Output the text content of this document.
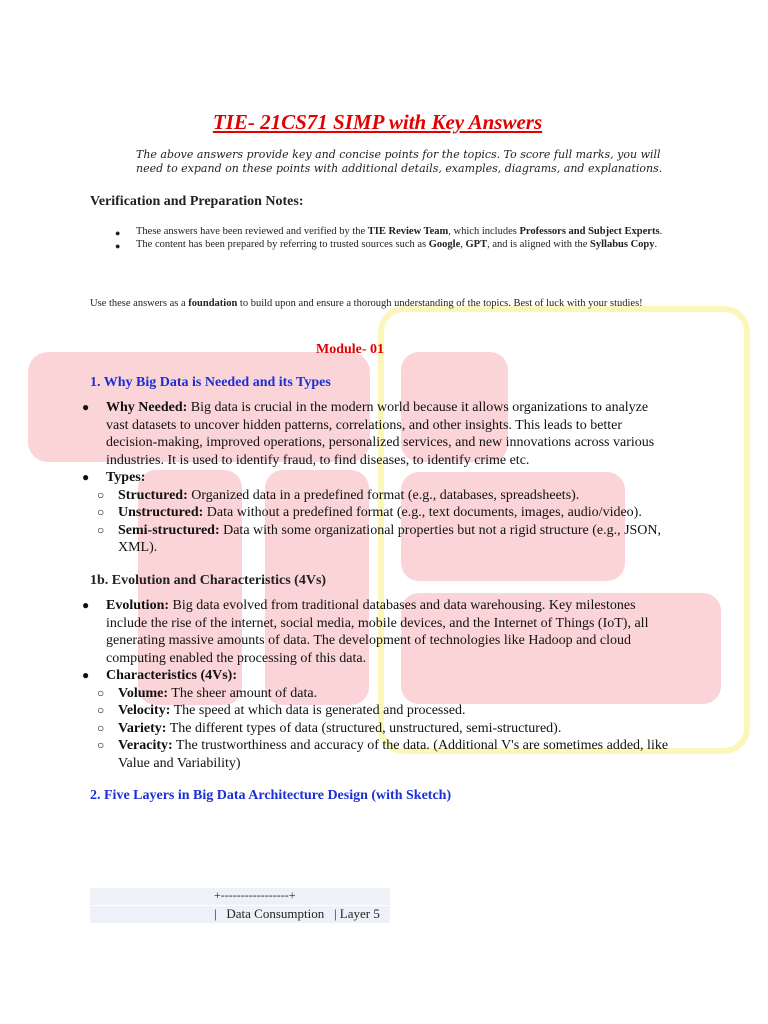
TIE- 21CS71 SIMP with Key Answers
The above answers provide key and concise points for the topics. To score full marks, you will need to expand on these points with additional details, examples, diagrams, and explanations.
Verification and Preparation Notes:
● These answers have been reviewed and verified by the TIE Review Team, which includes Professors and Subject Experts.
● The content has been prepared by referring to trusted sources such as Google, GPT, and is aligned with the Syllabus Copy.
Use these answers as a foundation to build upon and ensure a thorough understanding of the topics. Best of luck with your studies!
Module- 01
1. Why Big Data is Needed and its Types
● Why Needed: Big data is crucial in the modern world because it allows organizations to analyze vast datasets to uncover hidden patterns, correlations, and other insights. This leads to better decision-making, improved operations, personalized services, and new innovations across various industries. It is used to identify fraud, to find diseases, to identify crime etc.
● Types:
○ Structured: Organized data in a predefined format (e.g., databases, spreadsheets).
○ Unstructured: Data without a predefined format (e.g., text documents, images, audio/video).
○ Semi-structured: Data with some organizational properties but not a rigid structure (e.g., JSON, XML).
1b. Evolution and Characteristics (4Vs)
● Evolution: Big data evolved from traditional databases and data warehousing. Key milestones include the rise of the internet, social media, mobile devices, and the Internet of Things (IoT), all generating massive amounts of data. The development of technologies like Hadoop and cloud computing enabled the processing of this data.
● Characteristics (4Vs):
○ Volume: The sheer amount of data.
○ Velocity: The speed at which data is generated and processed.
○ Variety: The different types of data (structured, unstructured, semi-structured).
○ Veracity: The trustworthiness and accuracy of the data. (Additional V's are sometimes added, like Value and Variability)
2. Five Layers in Big Data Architecture Design (with Sketch)
+-----------------+
|   Data Consumption   | Layer 5
